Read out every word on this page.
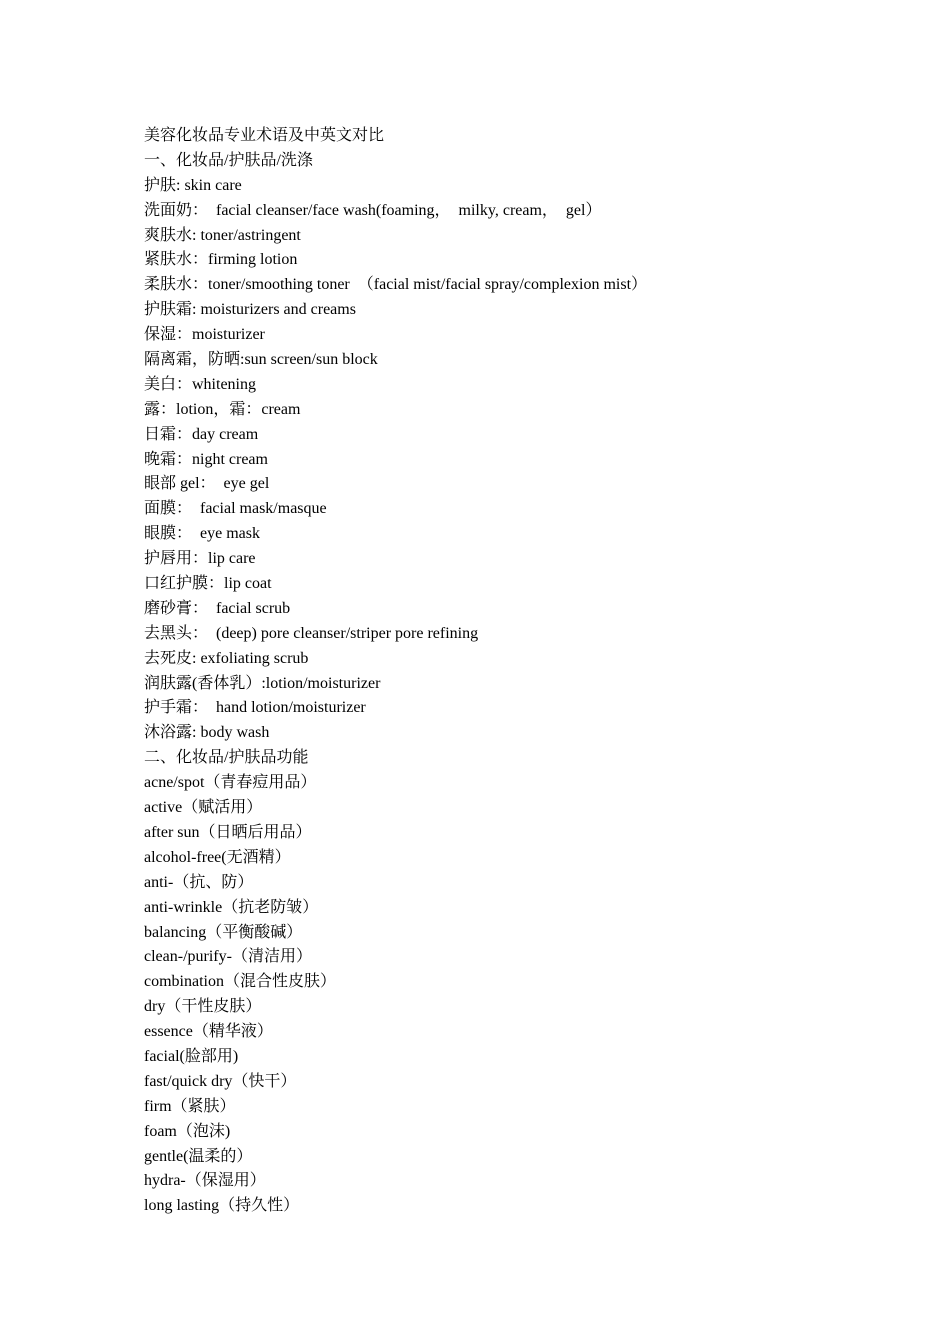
美容化妆品专业术语及中英文对比
一、化妆品/护肤品/洗涤
护肤: skin care
洗面奶：  facial cleanser/face wash(foaming，  milky, cream，  gel）
爽肤水: toner/astringent
紧肤水：firming lotion
柔肤水：toner/smoothing toner  （facial mist/facial spray/complexion mist）
护肤霜: moisturizers and creams
保湿：moisturizer
隔离霜，防晒:sun screen/sun block
美白：whitening
露：lotion，霜：cream
日霜：day cream
晚霜：night cream
眼部 gel：  eye gel
面膜：  facial mask/masque
眼膜：  eye mask
护唇用：lip care
口红护膜：lip coat
磨砂膏：  facial scrub
去黑头：  (deep) pore cleanser/striper pore refining
去死皮: exfoliating scrub
润肤露(香体乳）:lotion/moisturizer
护手霜：  hand lotion/moisturizer
沐浴露: body wash
二、化妆品/护肤品功能
acne/spot（青春痘用品）
active（赋活用）
after sun（日晒后用品）
alcohol-free(无酒精）
anti-（抗、防）
anti-wrinkle（抗老防皱）
balancing（平衡酸碱）
clean-/purify-（清洁用）
combination（混合性皮肤）
dry（干性皮肤）
essence（精华液）
facial(脸部用)
fast/quick dry（快干）
firm（紧肤）
foam（泡沫)
gentle(温柔的）
hydra-（保湿用）
long lasting（持久性）
